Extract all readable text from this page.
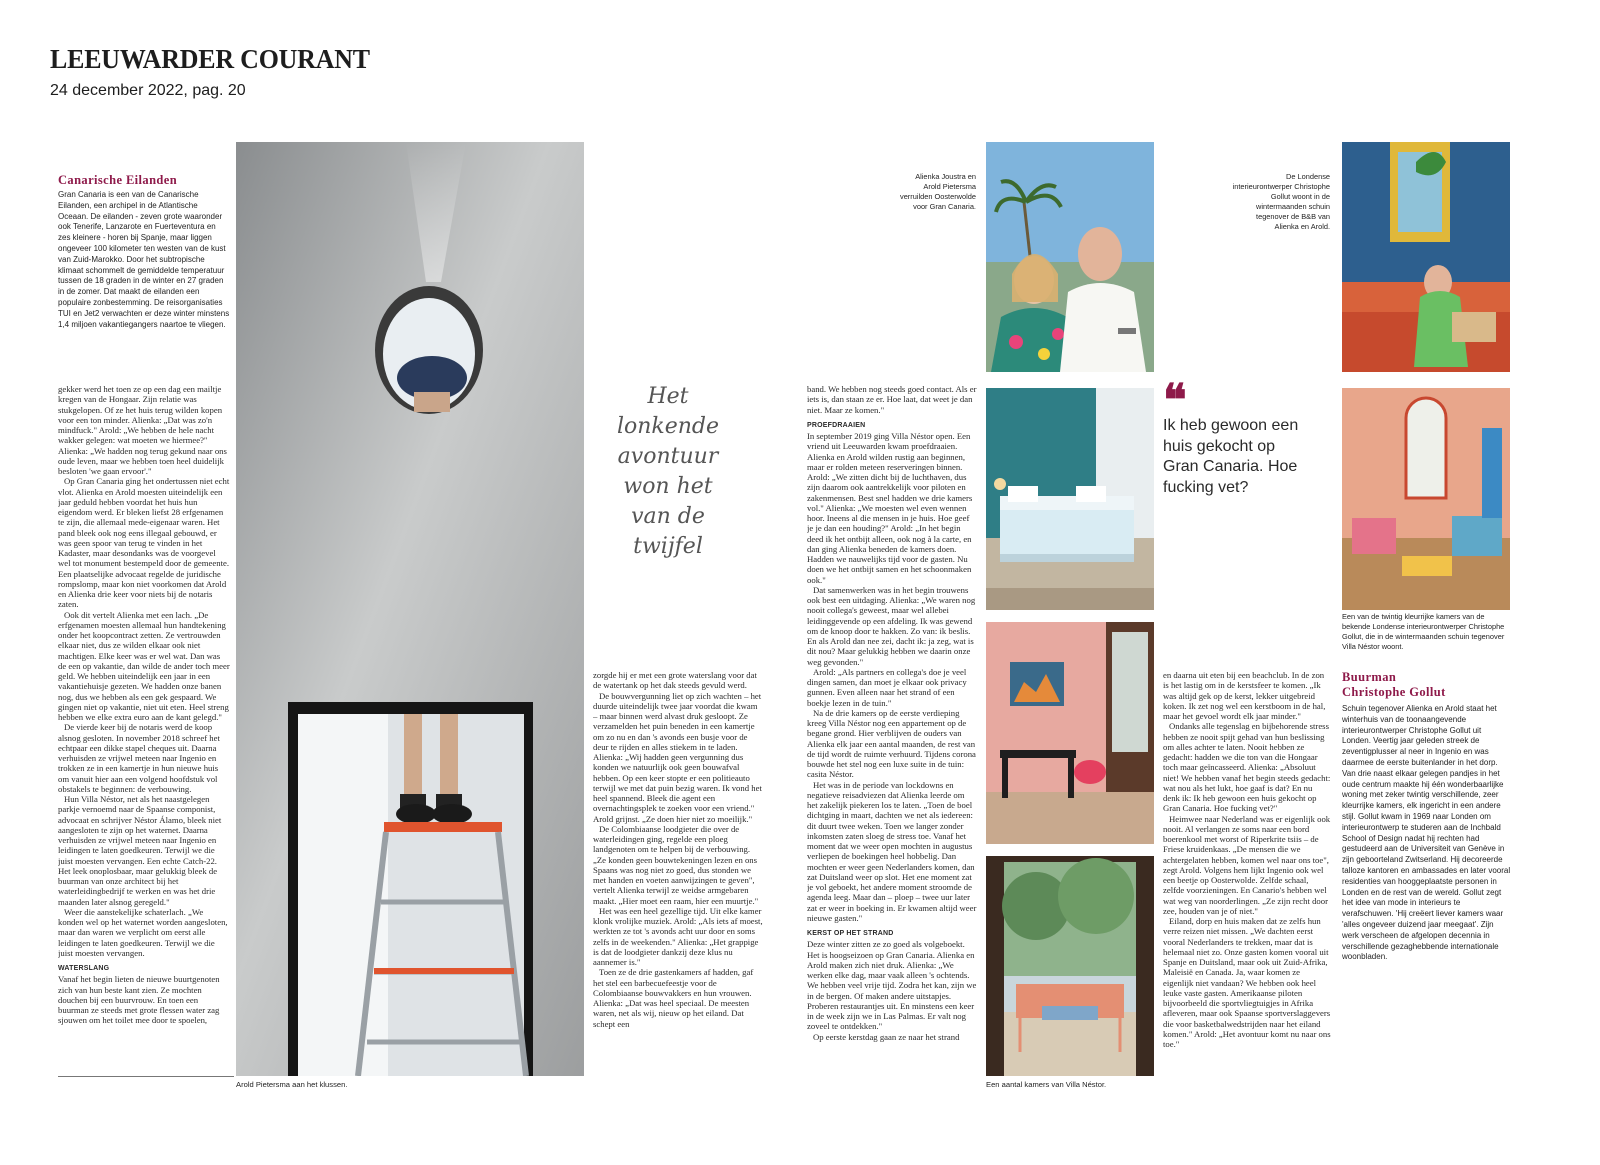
LEEUWARDER COURANT
24 december 2022, pag. 20
Canarische Eilanden
Gran Canaria is een van de Canarische Eilanden, een archipel in de Atlantische Oceaan. De eilanden - zeven grote waaronder ook Tenerife, Lanzarote en Fuerteventura en zes kleinere - horen bij Spanje, maar liggen ongeveer 100 kilometer ten westen van de kust van Zuid-Marokko. Door het subtropische klimaat schommelt de gemiddelde temperatuur tussen de 18 graden in de winter en 27 graden in de zomer. Dat maakt de eilanden een populaire zonbestemming. De reisorganisaties TUI en Jet2 verwachten er deze winter minstens 1,4 miljoen vakantiegangers naartoe te vliegen.

gekker werd het toen ze op een dag een mailtje kregen van de Hongaar. Zijn relatie was stukgelopen. Of ze het huis terug wilden kopen voor een ton minder. Alienka: „Dat was zo'n mindfuck." Arold: „We hebben de hele nacht wakker gelegen: wat moeten we hiermee?" Alienka: „We hadden nog terug gekund naar ons oude leven, maar we hebben toen heel duidelijk besloten 'we gaan ervoor'."

Op Gran Canaria ging het ondertussen niet echt vlot. Alienka en Arold moesten uiteindelijk een jaar geduld hebben voordat het huis hun eigendom werd. Er bleken liefst 28 erfgenamen te zijn, die allemaal mede-eigenaar waren. Het pand bleek ook nog eens illegaal gebouwd, er was geen spoor van terug te vinden in het Kadaster, maar desondanks was de voorgevel wel tot monument bestempeld door de gemeente. Een plaatselijke advocaat regelde de juridische rompslomp, maar kon niet voorkomen dat Arold en Alienka drie keer voor niets bij de notaris zaten.

Ook dit vertelt Alienka met een lach. „De erfgenamen moesten allemaal hun handtekening onder het koopcontract zetten. Ze vertrouwden elkaar niet, dus ze wilden elkaar ook niet machtigen. Elke keer was er wel wat. Dan was de een op vakantie, dan wilde de ander toch meer geld. We hebben uiteindelijk een jaar in een vakantiehuisje gezeten. We hadden onze banen nog, dus we hebben als een gek gespaard. We gingen niet op vakantie, niet uit eten. Heel streng hebben we elke extra euro aan de kant gelegd."

De vierde keer bij de notaris werd de koop alsnog gesloten. In november 2018 schreef het echtpaar een dikke stapel cheques uit. Daarna verhuisden ze vrijwel meteen naar Ingenio en trokken ze in een kamertje in hun nieuwe huis om vanuit hier aan een volgend hoofdstuk vol obstakels te beginnen: de verbouwing.

Hun Villa Néstor, net als het naastgelegen parkje vernoemd naar de Spaanse componist, advocaat en schrijver Néstor Álamo, bleek niet aangesloten te zijn op het waternet. Daarna verhuisden ze vrijwel meteen naar Ingenio en leidingen te laten goedkeuren. Terwijl we die juist moesten vervangen. Een echte Catch-22. Het leek onoplosbaar, maar gelukkig bleek de buurman van onze architect bij het waterleidingbedrijf te werken en was het drie maanden later alsnog geregeld."

Weer die aanstekelijke schaterlach. „We konden wel op het waternet worden aangesloten, maar dan waren we verplicht om eerst alle leidingen te laten goedkeuren. Terwijl we die juist moesten vervangen.

WATERSLANG

Vanaf het begin lieten de nieuwe buurtgenoten zich van hun beste kant zien. Ze mochten douchen bij een buurvrouw. En toen een buurman ze steeds met grote flessen water zag sjouwen om het toilet mee door te spoelen,

Arold Pietersma aan het klussen.
Het
lonkende
avontuur
won het
van de
twijfel

zorgde hij er met een grote waterslang voor dat de watertank op het dak steeds gevuld werd.

De bouwvergunning liet op zich wachten – het duurde uiteindelijk twee jaar voordat die kwam – maar binnen werd alvast druk gesloopt. Ze verzamelden het puin beneden in een kamertje om zo nu en dan 's avonds een busje voor de deur te rijden en alles stiekem in te laden. Alienka: „Wij hadden geen vergunning dus konden we natuurlijk ook geen bouwafval hebben. Op een keer stopte er een politieauto terwijl we met dat puin bezig waren. Ik vond het heel spannend. Bleek die agent een overnachtingsplek te zoeken voor een vriend." Arold grijnst. „Ze doen hier niet zo moeilijk."

De Colombiaanse loodgieter die over de waterleidingen ging, regelde een ploeg landgenoten om te helpen bij de verbouwing. „Ze konden geen bouwtekeningen lezen en ons Spaans was nog niet zo goed, dus stonden we met handen en voeten aanwijzingen te geven", vertelt Alienka terwijl ze weidse armgebaren maakt. „Hier moet een raam, hier een muurtje."

Het was een heel gezellige tijd. Uit elke kamer klonk vrolijke muziek. Arold: „Als iets af moest, werkten ze tot 's avonds acht uur door en soms zelfs in de weekenden." Alienka: „Het grappige is dat de loodgieter dankzij deze klus nu aannemer is."

Toen ze de drie gastenkamers af hadden, gaf het stel een barbecuefeestje voor de Colombiaanse bouwvakkers en hun vrouwen. Alienka: „Dat was heel speciaal. De meesten waren, net als wij, nieuw op het eiland. Dat schept een

band. We hebben nog steeds goed contact. Als er iets is, dan staan ze er. Hoe laat, dat weet je dan niet. Maar ze komen."

PROEFDRAAIEN

In september 2019 ging Villa Néstor open. Een vriend uit Leeuwarden kwam proefdraaien. Alienka en Arold wilden rustig aan beginnen, maar er rolden meteen reserveringen binnen. Arold: „We zitten dicht bij de luchthaven, dus zijn daarom ook aantrekkelijk voor piloten en zakenmensen. Best snel hadden we drie kamers vol." Alienka: „We moesten wel even wennen hoor. Ineens al die mensen in je huis. Hoe geef je je dan een houding?" Arold: „In het begin deed ik het ontbijt alleen, ook nog à la carte, en dan ging Alienka beneden de kamers doen. Hadden we nauwelijks tijd voor de gasten. Nu doen we het ontbijt samen en het schoonmaken ook."

Dat samenwerken was in het begin trouwens ook best een uitdaging. Alienka: „We waren nog nooit collega's geweest, maar wel allebei leidinggevende op een afdeling. Ik was gewend om de knoop door te hakken. Zo van: ik beslis. En als Arold dan nee zei, dacht ik: ja zeg, wat is dit nou? Maar gelukkig hebben we daarin onze weg gevonden."

Arold: „Als partners en collega's doe je veel dingen samen, dan moet je elkaar ook privacy gunnen. Even alleen naar het strand of een boekje lezen in de tuin."

Na de drie kamers op de eerste verdieping kreeg Villa Néstor nog een appartement op de begane grond. Hier verblijven de ouders van Alienka elk jaar een aantal maanden, de rest van de tijd wordt de ruimte verhuurd. Tijdens corona bouwde het stel nog een luxe suite in de tuin: casita Néstor.

Het was in de periode van lockdowns en negatieve reisadviezen dat Alienka leerde om het zakelijk piekeren los te laten. „Toen de boel dichtging in maart, dachten we net als iedereen: dit duurt twee weken. Toen we langer zonder inkomsten zaten sloeg de stress toe. Vanaf het moment dat we weer open mochten in augustus verliepen de boekingen heel hobbelig. Dan mochten er weer geen Nederlanders komen, dan zat Duitsland weer op slot. Het ene moment zat je vol geboekt, het andere moment stroomde de agenda leeg. Maar dan – ploep – twee uur later zat er weer in boeking in. Er kwamen altijd weer nieuwe gasten."

KERST OP HET STRAND

Deze winter zitten ze zo goed als volgeboekt. Het is hoogseizoen op Gran Canaria. Alienka en Arold maken zich niet druk. Alienka: „We werken elke dag, maar vaak alleen 's ochtends. We hebben veel vrije tijd. Zodra het kan, zijn we in de bergen. Of maken andere uitstapjes. Proberen restaurantjes uit. En minstens een keer in de week zijn we in Las Palmas. Er valt nog zoveel te ontdekken."

Op eerste kerstdag gaan ze naar het strand

Alienka Joustra en Arold Pietersma verruilden Oosterwolde voor Gran Canaria.
Een aantal kamers van Villa Néstor.
❝
Ik heb gewoon een huis gekocht op Gran Canaria. Hoe fucking vet?
De Londense interieurontwerper Christophe Gollut woont in de wintermaanden schuin tegenover de B&B van Alienka en Arold.
Een van de twintig kleurrijke kamers van de bekende Londense interieurontwerper Christophe Gollut, die in de wintermaanden schuin tegenover Villa Néstor woont.

en daarna uit eten bij een beachclub. In de zon is het lastig om in de kerstsfeer te komen. „Ik was altijd gek op de kerst, lekker uitgebreid koken. Ik zet nog wel een kerstboom in de hal, maar het gevoel wordt elk jaar minder."

Ondanks alle tegenslag en bijbehorende stress hebben ze nooit spijt gehad van hun beslissing om alles achter te laten. Nooit hebben ze gedacht: hadden we die ton van die Hongaar toch maar geïncasseerd. Alienka: „Absoluut niet! We hebben vanaf het begin steeds gedacht: wat nou als het lukt, hoe gaaf is dat? En nu denk ik: Ik heb gewoon een huis gekocht op Gran Canaria. Hoe fucking vet?"

Heimwee naar Nederland was er eigenlijk ook nooit. Al verlangen ze soms naar een bord boerenkool met worst of Riperkrite tsiis – de Friese kruidenkaas. „De mensen die we achtergelaten hebben, komen wel naar ons toe", zegt Arold. Volgens hem lijkt Ingenio ook wel een beetje op Oosterwolde. Zelfde schaal, zelfde voorzieningen. En Canario's hebben wel wat weg van noorderlingen. „Ze zijn recht door zee, houden van je of niet."

Eiland, dorp en huis maken dat ze zelfs hun verre reizen niet missen. „We dachten eerst vooral Nederlanders te trekken, maar dat is helemaal niet zo. Onze gasten komen vooral uit Spanje en Duitsland, maar ook uit Zuid-Afrika, Maleisië en Canada. Ja, waar komen ze eigenlijk niet vandaan? We hebben ook heel leuke vaste gasten. Amerikaanse piloten bijvoorbeeld die sportvliegtuigjes in Afrika afleveren, maar ook Spaanse sportverslaggevers die voor basketbalwedstrijden naar het eiland komen." Arold: „Het avontuur komt nu naar ons toe."

Buurman
Christophe Gollut
Schuin tegenover Alienka en Arold staat het winterhuis van de toonaangevende interieurontwerper Christophe Gollut uit Londen. Veertig jaar geleden streek de zeventigplusser al neer in Ingenio en was daarmee de eerste buitenlander in het dorp. Van drie naast elkaar gelegen pandjes in het oude centrum maakte hij één wonderbaarlijke woning met zeker twintig verschillende, zeer kleurrijke kamers, elk ingericht in een andere stijl. Gollut kwam in 1969 naar Londen om interieurontwerp te studeren aan de Inchbald School of Design nadat hij rechten had gestudeerd aan de Universiteit van Genève in zijn geboorteland Zwitserland. Hij decoreerde talloze kantoren en ambassades en later vooral residenties van hooggeplaatste personen in Londen en de rest van de wereld. Gollut zegt het idee van mode in interieurs te verafschuwen. 'Hij creëert liever kamers waar 'alles ongeveer duizend jaar meegaat'. Zijn werk verscheen de afgelopen decennia in verschillende gezaghebbende internationale woonbladen.
